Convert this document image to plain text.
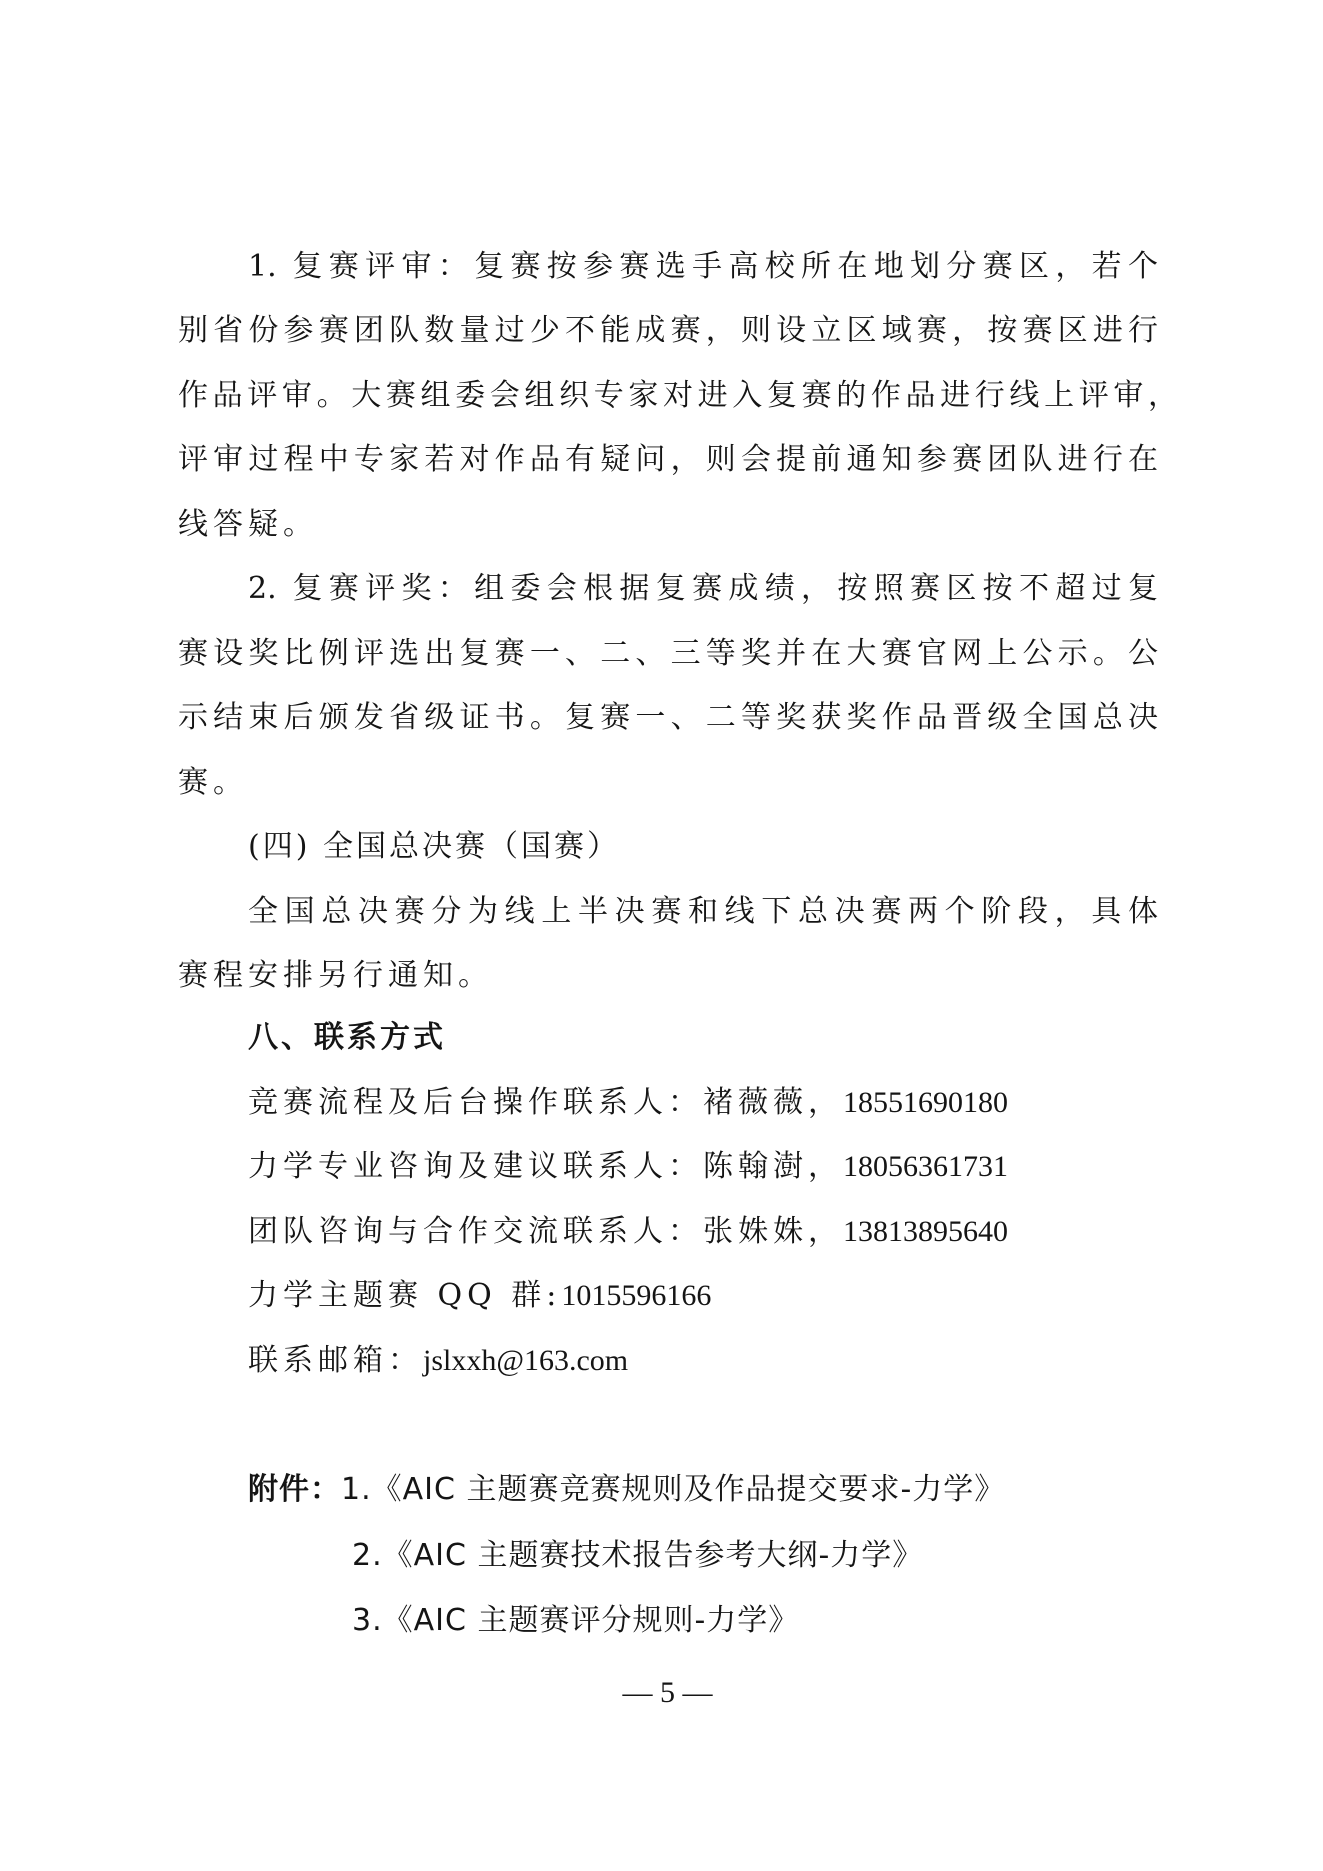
1. 复赛评审：复赛按参赛选手高校所在地划分赛区，若个
别省份参赛团队数量过少不能成赛，则设立区域赛，按赛区进行
作品评审。大赛组委会组织专家对进入复赛的作品进行线上评审，
评审过程中专家若对作品有疑问，则会提前通知参赛团队进行在
线答疑。
2. 复赛评奖：组委会根据复赛成绩，按照赛区按不超过复
赛设奖比例评选出复赛一、二、三等奖并在大赛官网上公示。公
示结束后颁发省级证书。复赛一、二等奖获奖作品晋级全国总决
赛。
(四) 全国总决赛（国赛）
全国总决赛分为线上半决赛和线下总决赛两个阶段，具体
赛程安排另行通知。
八、联系方式
竞赛流程及后台操作联系人：褚薇薇，18551690180
力学专业咨询及建议联系人：陈翰澍，18056361731
团队咨询与合作交流联系人：张姝姝，13813895640
力学主题赛 QQ 群:1015596166
联系邮箱：jslxxh@163.com
附件：1.《AIC 主题赛竞赛规则及作品提交要求-力学》
2.《AIC 主题赛技术报告参考大纲-力学》
3.《AIC 主题赛评分规则-力学》
— 5 —
